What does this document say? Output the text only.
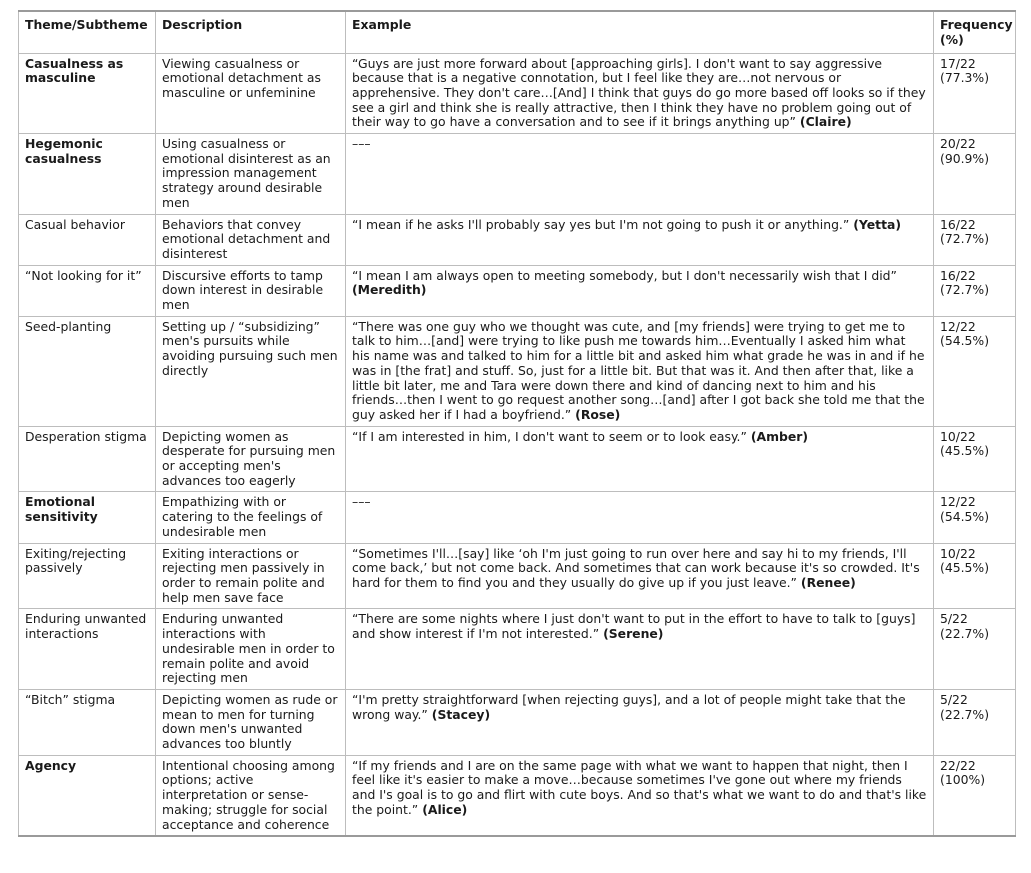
Theme/Subtheme	Description	Example	Frequency (%)
Casualness as masculine	Viewing casualness or emotional detachment as masculine or unfeminine	“Guys are just more forward about [approaching girls]. I don't want to say aggressive because that is a negative connotation, but I feel like they are…not nervous or apprehensive. They don't care…[And] I think that guys do go more based off looks so if they see a girl and think she is really attractive, then I think they have no problem going out of their way to go have a conversation and to see if it brings anything up” (Claire)	17/22
(77.3%)

Hegemonic casualness	Using casualness or emotional disinterest as an impression management strategy around desirable men	–––	20/22
(90.9%)

Casual behavior	Behaviors that convey emotional detachment and disinterest	“I mean if he asks I'll probably say yes but I'm not going to push it or anything.” (Yetta)	16/22
(72.7%)

“Not looking for it”	Discursive efforts to tamp down interest in desirable men	“I mean I am always open to meeting somebody, but I don't necessarily wish that I did” (Meredith)	16/22
(72.7%)

Seed-planting	Setting up / “subsidizing” men's pursuits while avoiding pursuing such men directly	“There was one guy who we thought was cute, and [my friends] were trying to get me to talk to him…[and] were trying to like push me towards him…Eventually I asked him what his name was and talked to him for a little bit and asked him what grade he was in and if he was in [the frat] and stuff. So, just for a little bit. But that was it. And then after that, like a little bit later, me and Tara were down there and kind of dancing next to him and his friends…then I went to go request another song…[and] after I got back she told me that the guy asked her if I had a boyfriend.” (Rose)	12/22
(54.5%)

Desperation stigma	Depicting women as desperate for pursuing men or accepting men's advances too eagerly	“If I am interested in him, I don't want to seem or to look easy.” (Amber)	10/22
(45.5%)

Emotional sensitivity	Empathizing with or catering to the feelings of undesirable men	–––	12/22
(54.5%)

Exiting/rejecting passively	Exiting interactions or rejecting men passively in order to remain polite and help men save face	“Sometimes I'll…[say] like ‘oh I'm just going to run over here and say hi to my friends, I'll come back,’ but not come back. And sometimes that can work because it's so crowded. It's hard for them to find you and they usually do give up if you just leave.” (Renee)	10/22
(45.5%)

Enduring unwanted interactions	Enduring unwanted interactions with undesirable men in order to remain polite and avoid rejecting men	“There are some nights where I just don't want to put in the effort to have to talk to [guys] and show interest if I'm not interested.” (Serene)	5/22
(22.7%)

“Bitch” stigma	Depicting women as rude or mean to men for turning down men's unwanted advances too bluntly	“I'm pretty straightforward [when rejecting guys], and a lot of people might take that the wrong way.” (Stacey)	5/22
(22.7%)

Agency	Intentional choosing among options; active interpretation or sense-making; struggle for social acceptance and coherence	“If my friends and I are on the same page with what we want to happen that night, then I feel like it's easier to make a move…because sometimes I've gone out where my friends and I's goal is to go and flirt with cute boys. And so that's what we want to do and that's like the point.” (Alice)	22/22
(100%)
